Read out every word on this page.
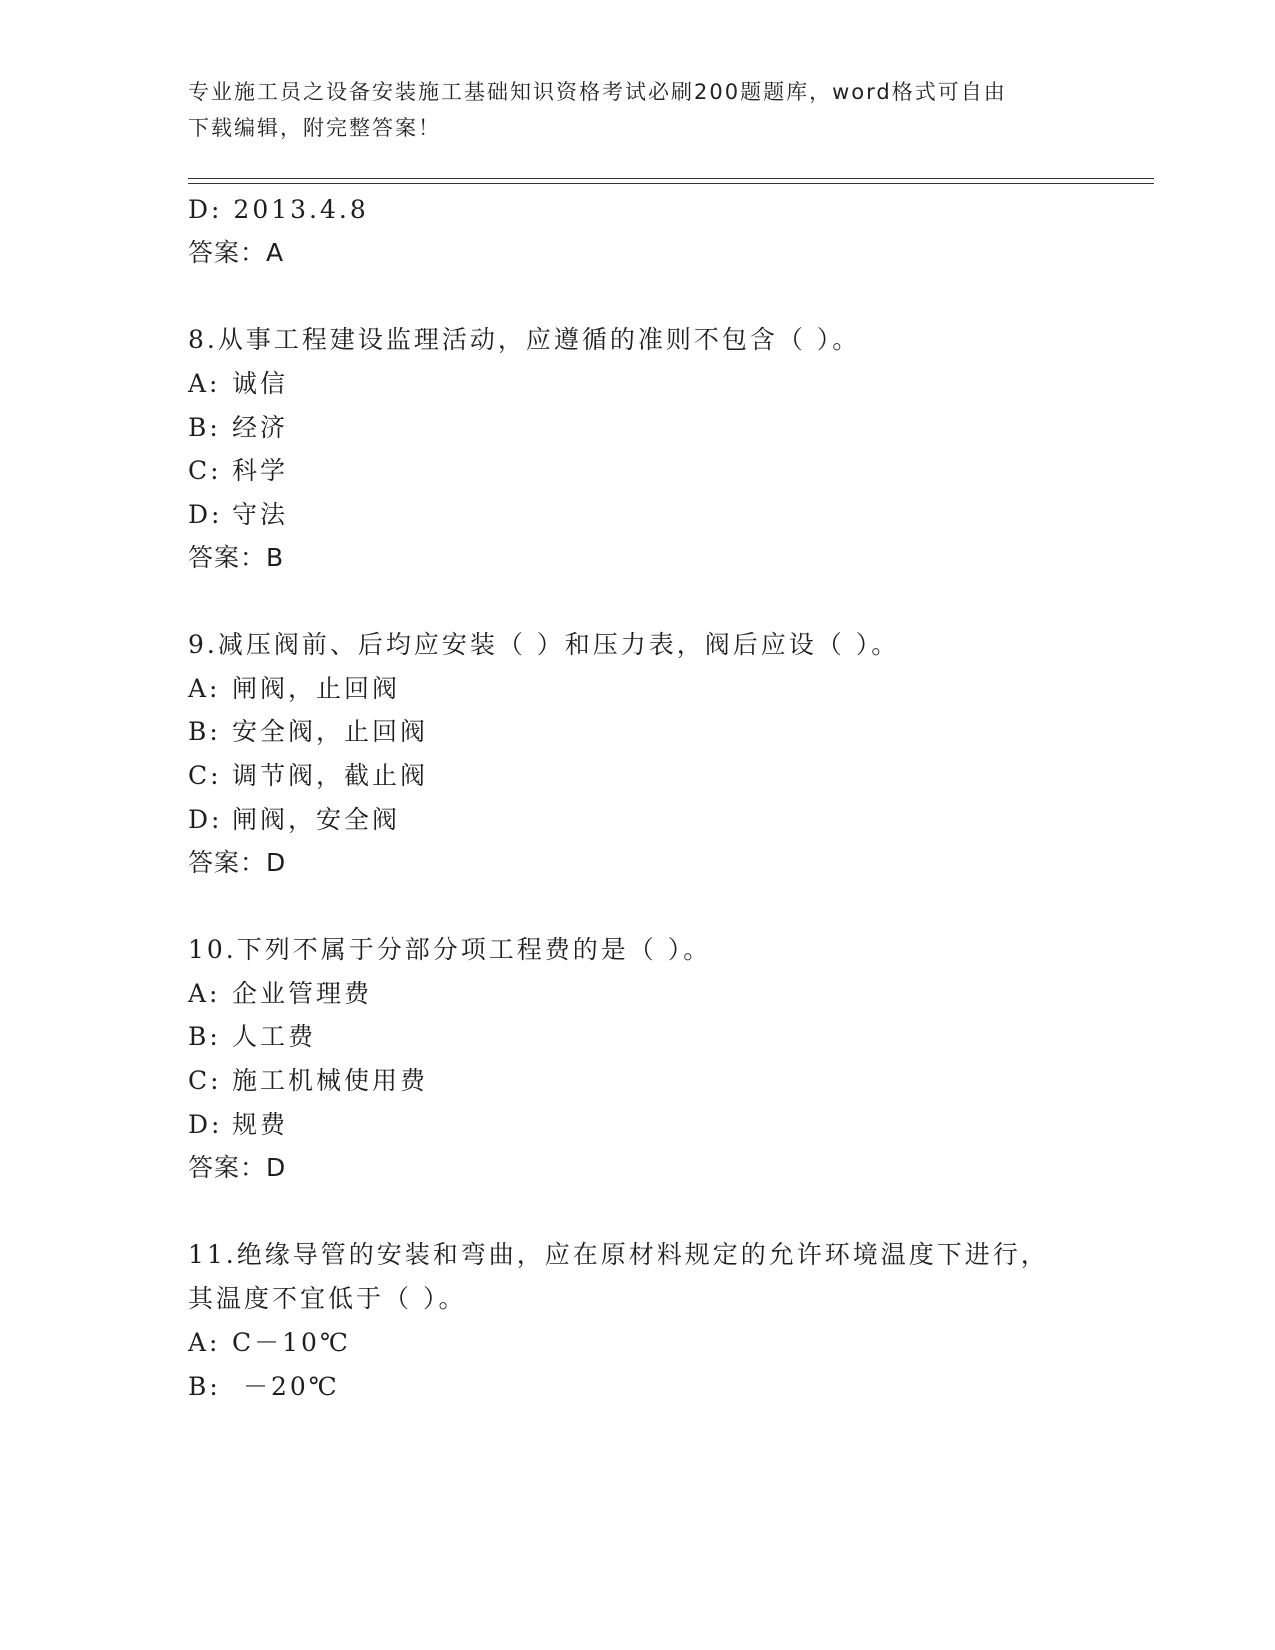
专业施工员之设备安装施工基础知识资格考试必刷200题题库，word格式可自由
下载编辑，附完整答案！
D: 2013.4.8
答案：A
8.从事工程建设监理活动，应遵循的准则不包含（ ）。
A: 诚信
B: 经济
C: 科学
D: 守法
答案：B
9.减压阀前、后均应安装（ ）和压力表，阀后应设（ ）。
A: 闸阀，止回阀
B: 安全阀，止回阀
C: 调节阀，截止阀
D: 闸阀，安全阀
答案：D
10.下列不属于分部分项工程费的是（ ）。
A: 企业管理费
B: 人工费
C: 施工机械使用费
D: 规费
答案：D
11.绝缘导管的安装和弯曲，应在原材料规定的允许环境温度下进行，
其温度不宜低于（ ）。
A: C－10℃
B: －20℃
